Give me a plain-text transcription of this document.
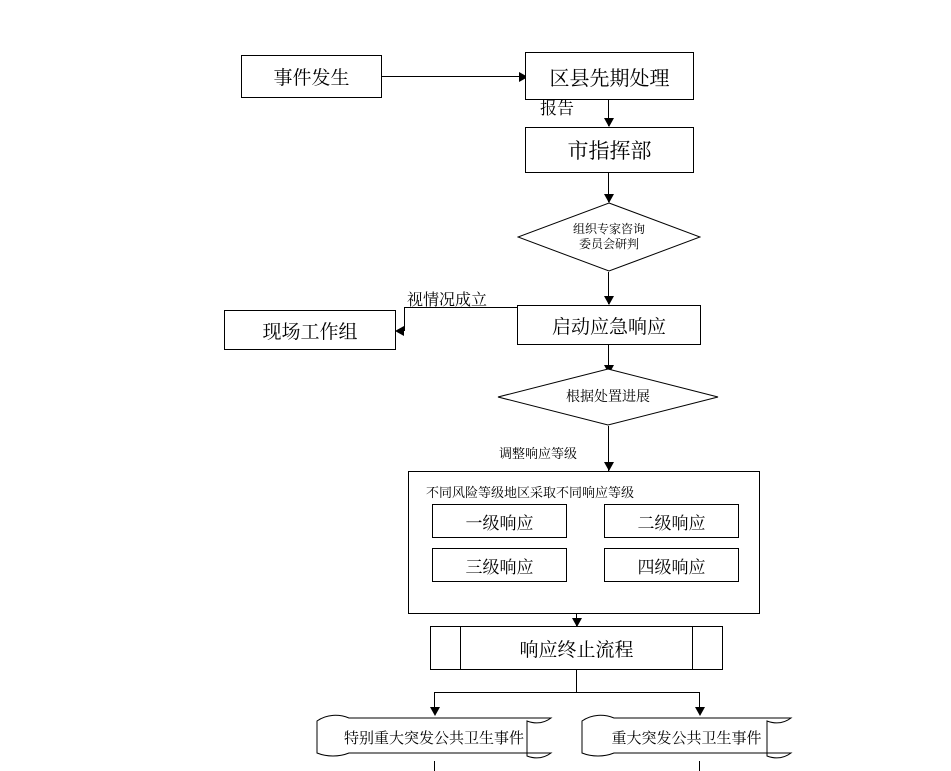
事件发生	区县先期处理
报告
市指挥部
组织专家咨询
委员会研判
启动应急响应
现场工作组
视情况成立
根据处置进展
调整响应等级
不同风险等级地区采取不同响应等级
一级响应	二级响应
三级响应	四级响应
响应终止流程
特别重大突发公共卫生事件	重大突发公共卫生事件
